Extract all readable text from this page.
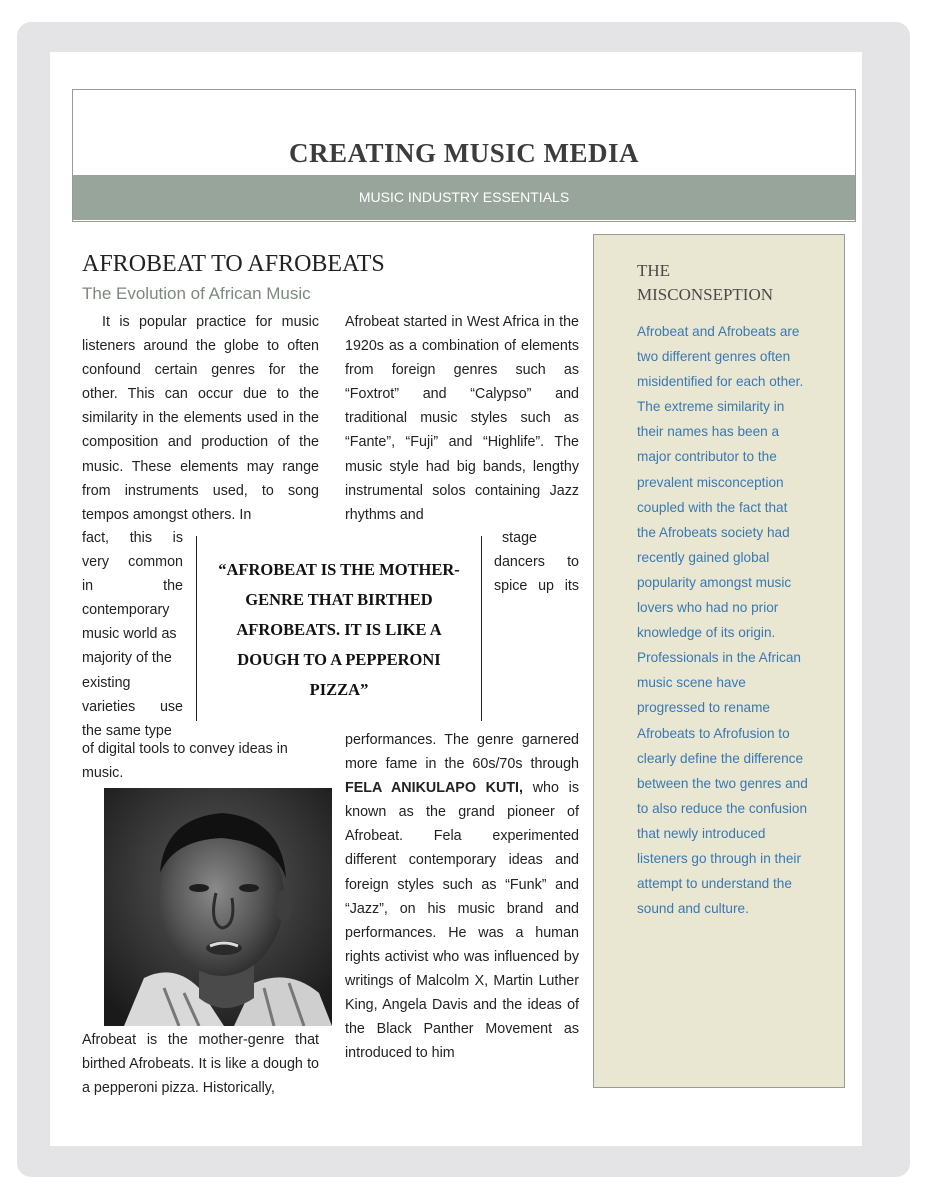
CREATING MUSIC MEDIA
MUSIC INDUSTRY ESSENTIALS
AFROBEAT TO AFROBEATS
The Evolution of African Music

It is popular practice for music listeners around the globe to often confound certain genres for the other. This can occur due to the similarity in the elements used in the composition and production of the music. These elements may range from instruments used, to song tempos amongst others. In

fact, this is
very common
in the
contemporary
music world as
majority of the
existing
varieties use
the same type

of digital tools to convey ideas in music.

Afrobeat is the mother-genre that birthed Afrobeats. It is like a dough to a pepperoni pizza. Historically,

Afrobeat started in West Africa in the 1920s as a combination of elements from foreign genres such as “Foxtrot” and “Calypso” and traditional music styles such as “Fante”, “Fuji” and “Highlife”. The music style had big bands, lengthy instrumental solos containing Jazz rhythms and

stage
dancers to
spice up its

performances. The genre garnered more fame in the 60s/70s through FELA ANIKULAPO KUTI, who is known as the grand pioneer of Afrobeat. Fela experimented different contemporary ideas and foreign styles such as “Funk” and “Jazz”, on his music brand and performances. He was a human rights activist who was influenced by writings of Malcolm X, Martin Luther King, Angela Davis and the ideas of the Black Panther Movement as introduced to him

“AFROBEAT IS THE MOTHER-GENRE THAT BIRTHED AFROBEATS. IT IS LIKE A DOUGH TO A PEPPERONI PIZZA”
THE MISCONSEPTION
Afrobeat and Afrobeats are two different genres often misidentified for each other. The extreme similarity in their names has been a major contributor to the prevalent misconception coupled with the fact that the Afrobeats society had recently gained global popularity amongst music lovers who had no prior knowledge of its origin. Professionals in the African music scene have progressed to rename Afrobeats to Afrofusion to clearly define the difference between the two genres and to also reduce the confusion that newly introduced listeners go through in their attempt to understand the sound and culture.
